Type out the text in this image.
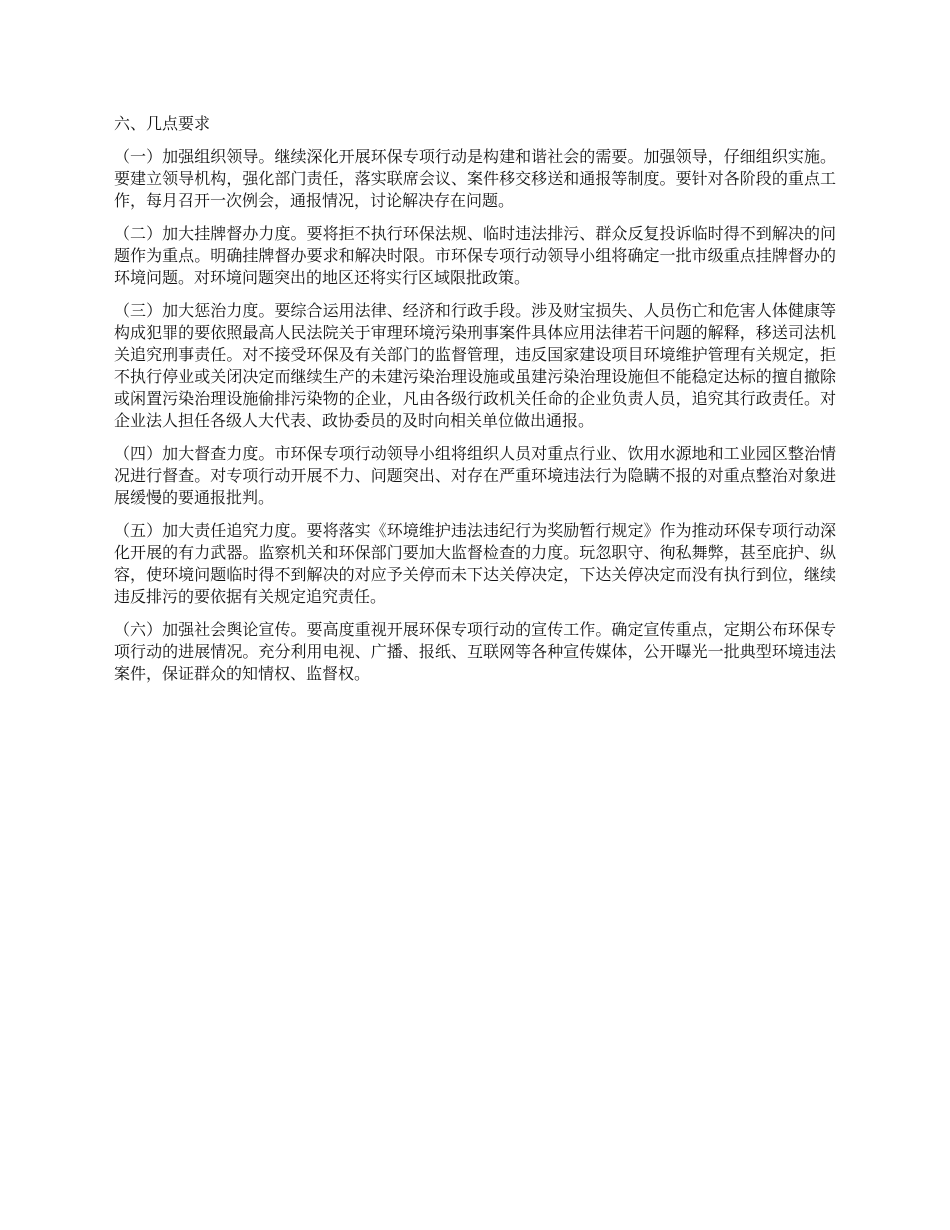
六、几点要求

（一）加强组织领导。继续深化开展环保专项行动是构建和谐社会的需要。加强领导，仔细组织实施。要建立领导机构，强化部门责任，落实联席会议、案件移交移送和通报等制度。要针对各阶段的重点工作，每月召开一次例会，通报情况，讨论解决存在问题。

（二）加大挂牌督办力度。要将拒不执行环保法规、临时违法排污、群众反复投诉临时得不到解决的问题作为重点。明确挂牌督办要求和解决时限。市环保专项行动领导小组将确定一批市级重点挂牌督办的环境问题。对环境问题突出的地区还将实行区域限批政策。

（三）加大惩治力度。要综合运用法律、经济和行政手段。涉及财宝损失、人员伤亡和危害人体健康等构成犯罪的要依照最高人民法院关于审理环境污染刑事案件具体应用法律若干问题的解释，移送司法机关追究刑事责任。对不接受环保及有关部门的监督管理，违反国家建设项目环境维护管理有关规定，拒不执行停业或关闭决定而继续生产的未建污染治理设施或虽建污染治理设施但不能稳定达标的擅自撤除或闲置污染治理设施偷排污染物的企业，凡由各级行政机关任命的企业负责人员，追究其行政责任。对企业法人担任各级人大代表、政协委员的及时向相关单位做出通报。

（四）加大督查力度。市环保专项行动领导小组将组织人员对重点行业、饮用水源地和工业园区整治情况进行督查。对专项行动开展不力、问题突出、对存在严重环境违法行为隐瞒不报的对重点整治对象进展缓慢的要通报批判。

（五）加大责任追究力度。要将落实《环境维护违法违纪行为奖励暂行规定》作为推动环保专项行动深化开展的有力武器。监察机关和环保部门要加大监督检查的力度。玩忽职守、徇私舞弊，甚至庇护、纵容，使环境问题临时得不到解决的对应予关停而未下达关停决定，下达关停决定而没有执行到位，继续违反排污的要依据有关规定追究责任。

（六）加强社会舆论宣传。要高度重视开展环保专项行动的宣传工作。确定宣传重点，定期公布环保专项行动的进展情况。充分利用电视、广播、报纸、互联网等各种宣传媒体，公开曝光一批典型环境违法案件，保证群众的知情权、监督权。
